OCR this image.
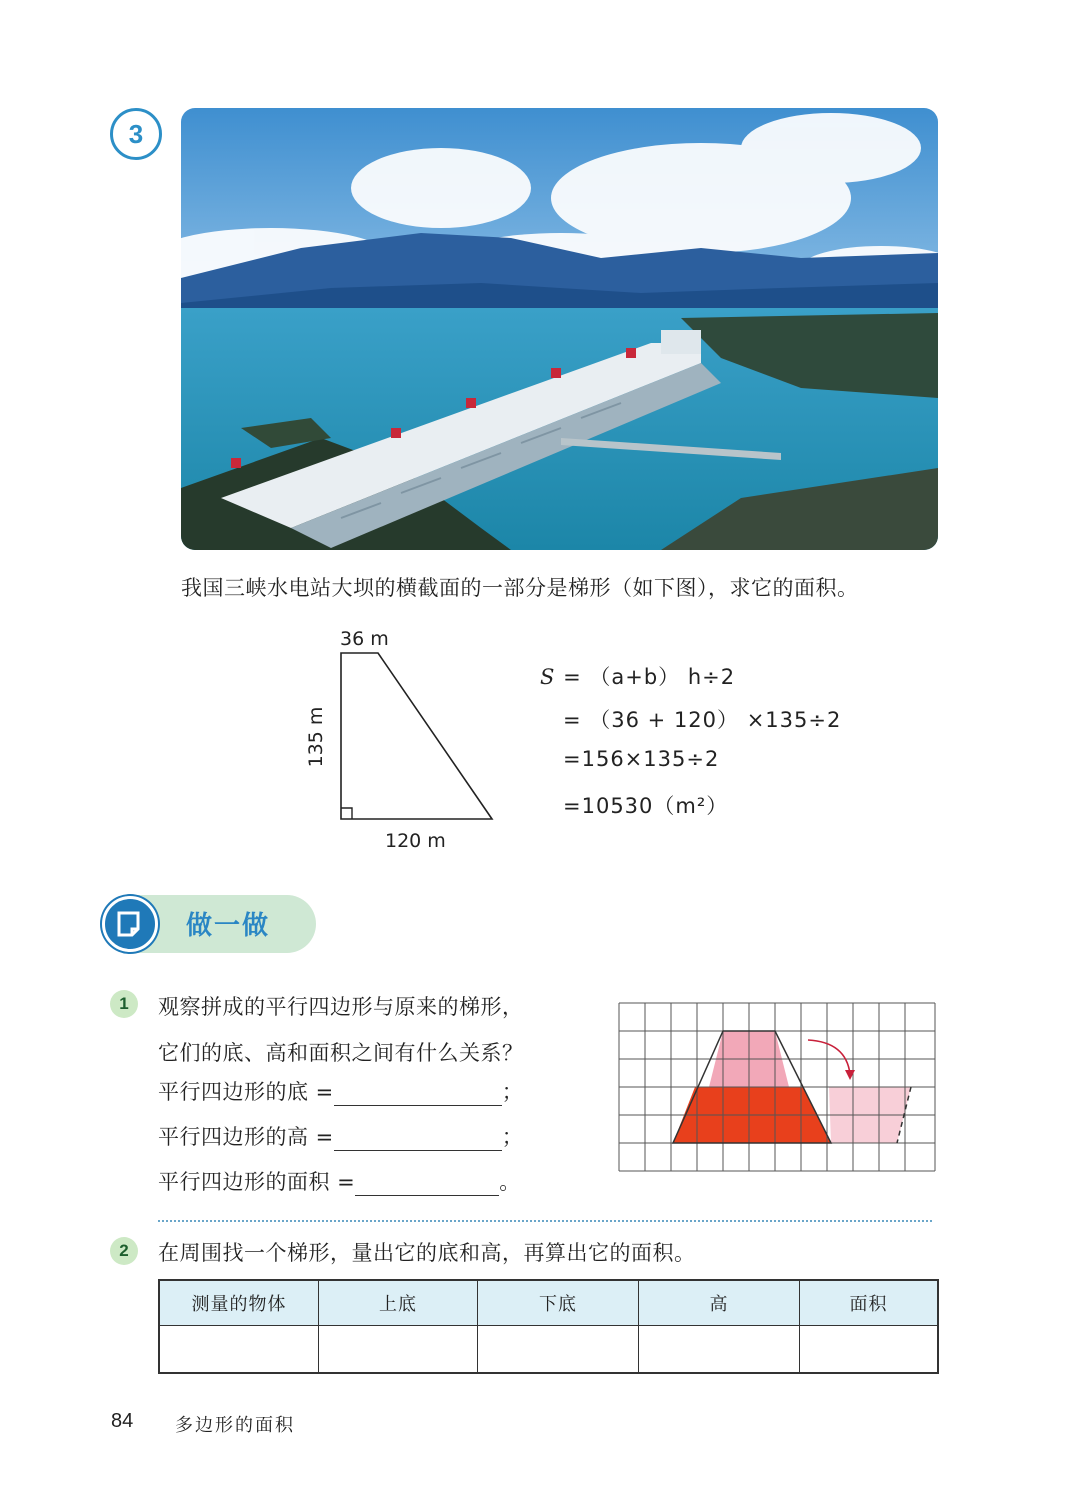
3
我国三峡水电站大坝的横截面的一部分是梯形（如下图），求它的面积。
36 m
135 m
120 m
S = （a+b） h÷2
= （36 + 120） ×135÷2
=156×135÷2
=10530（m²）
做一做
1	观察拼成的平行四边形与原来的梯形，
它们的底、高和面积之间有什么关系？
平行四边形的底 =	；
平行四边形的高 =	；
平行四边形的面积 =	。
2	在周围找一个梯形，量出它的底和高，再算出它的面积。
测量的物体	上底	下底	高	面积

84 多边形的面积
